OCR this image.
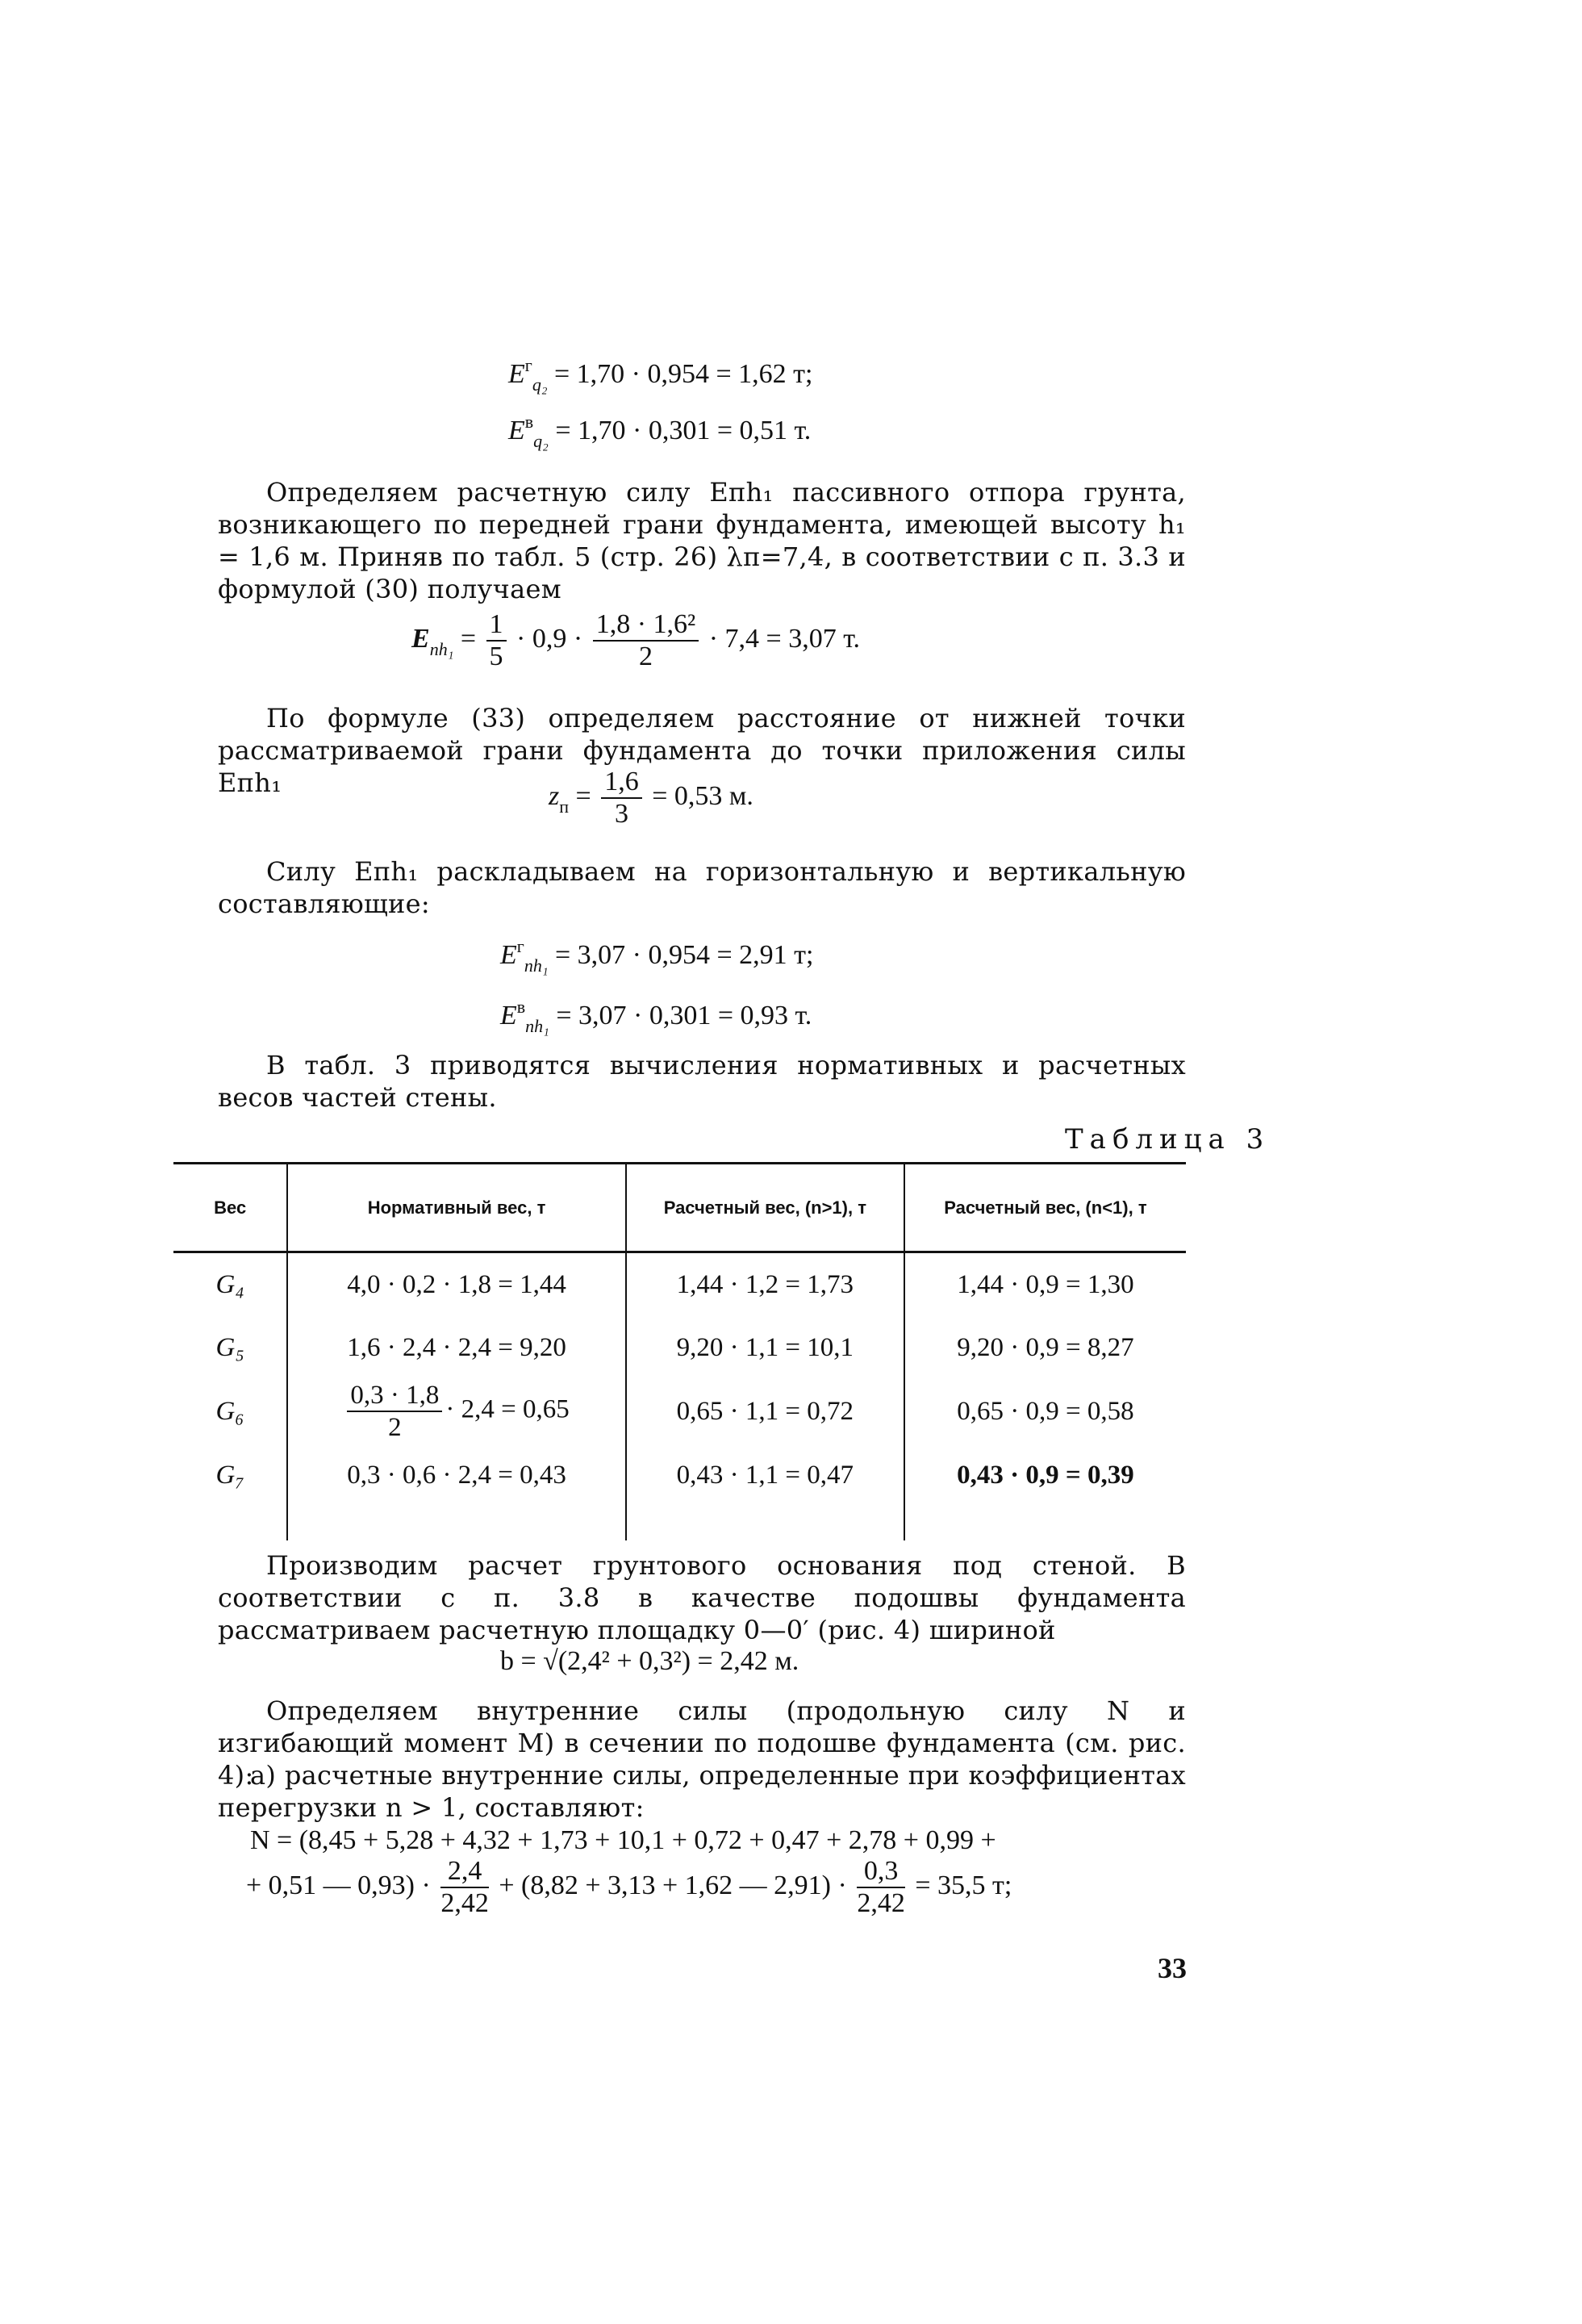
$E^г_{q_2} = 1,70 \cdot 0,954 = 1,62$ т;
$E^в_{q_2} = 1,70 \cdot 0,301 = 0,51$ т.
Определяем расчетную силу Eпh₁ пассивного отпора грунта, возникающего по передней грани фундамента, имеющей высоту h₁ = 1,6 м. Приняв по табл. 5 (стр. 26) λп=7,4, в соответствии с п. 3.3 и формулой (30) получаем
$E_{пh_1} = \frac{1}{5} \cdot 0,9 \cdot \frac{\text{1,8 · 1,6²}}{2} \cdot 7,4 = 3,07$ т.
По формуле (33) определяем расстояние от нижней точки рассматриваемой грани фундамента до точки приложения силы Eпh₁	$z_п = \frac{1,6}{3} = 0,53$ м.
Силу Eпh₁ раскладываем на горизонтальную и вертикальную составляющие:
$E^г_{пh_1} = 3,07 \cdot 0,954 = 2,91$ т;
$E^в_{пh_1} = 3,07 \cdot 0,301 = 0,93$ т.
В табл. 3 приводятся вычисления нормативных и расчетных весов частей стены.
Таблица 3
Вес	Нормативный вес, т	Расчетный вес, (n>1), т	Расчетный вес, (n<1), т
G₄	4,0 · 0,2 · 1,8 = 1,44	1,44 · 1,2 = 1,73	1,44 · 0,9 = 1,30
G₅	1,6 · 2,4 · 2,4 = 9,20	9,20 · 1,1 = 10,1	9,20 · 0,9 = 8,27
G₆	$\frac{0,3 \cdot 1,8}{2} \cdot 2,4 = 0,65$	0,65 · 1,1 = 0,72	0,65 · 0,9 = 0,58
G₇	0,3 · 0,6 · 2,4 = 0,43	0,43 · 1,1 = 0,47	0,43 · 0,9 = 0,39

Производим расчет грунтового основания под стеной. В соответствии с п. 3.8 в качестве подошвы фундамента рассматриваем расчетную площадку 0—0′ (рис. 4) шириной
b = √(2,4² + 0,3²) = 2,42 м.
Определяем внутренние силы (продольную силу N и изгибающий момент M) в сечении по подошве фундамента (см. рис. 4):
а) расчетные внутренние силы, определенные при коэффициентах перегрузки n > 1, составляют:
N = (8,45 + 5,28 + 4,32 + 1,73 + 10,1 + 0,72 + 0,47 + 2,78 + 0,99 +
+ 0,51 — $0,93) \cdot \frac{2,4}{2,42} + (8,82 + 3,13 + 1,62$ — $2,91) \cdot \frac{0,3}{2,42} = 35,5$ т;
33
